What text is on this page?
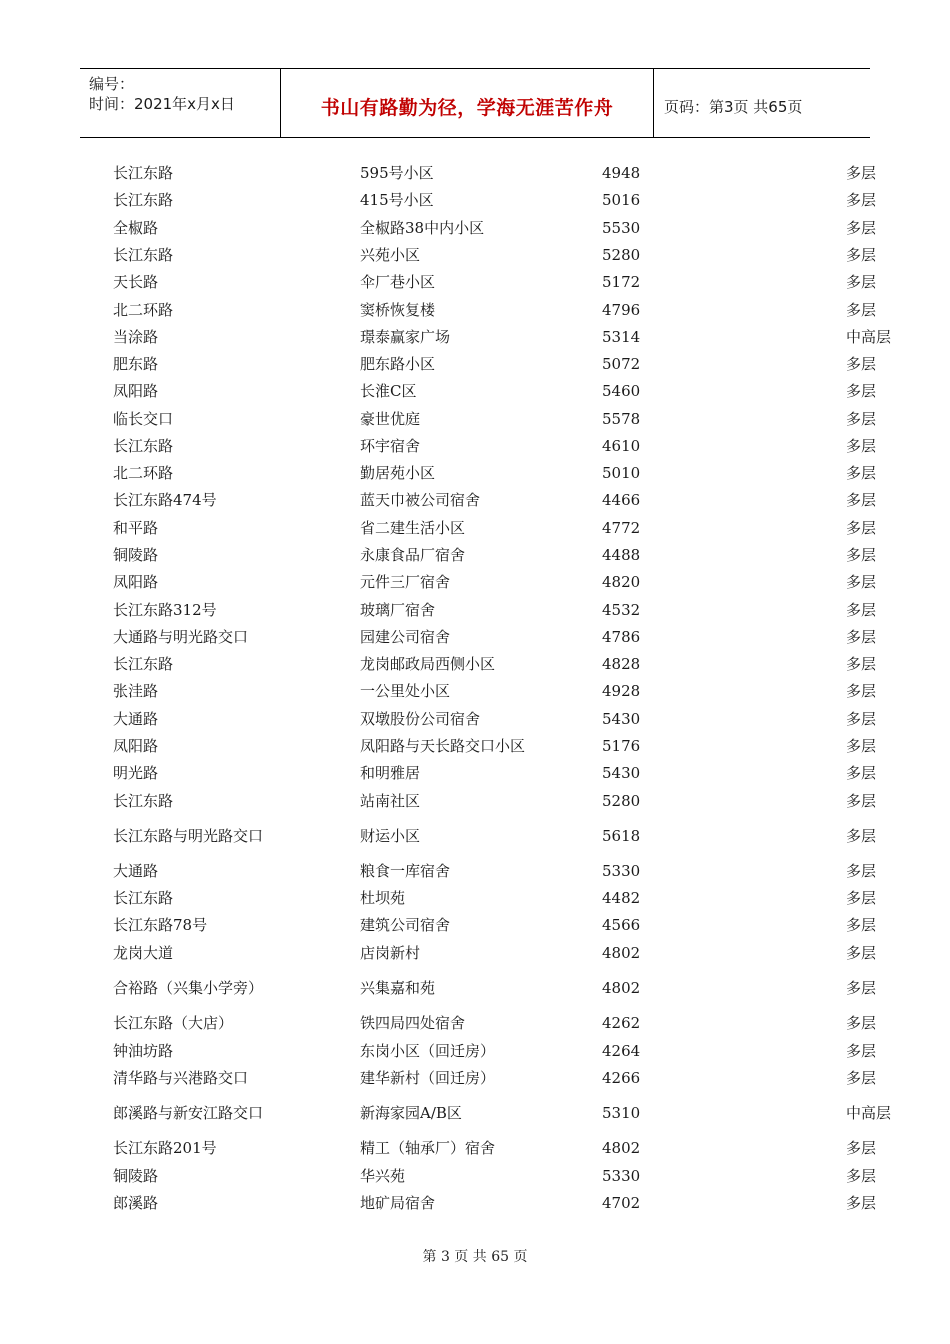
编号：
时间：2021年x月x日	书山有路勤为径，学海无涯苦作舟	页码：第3页 共65页
长江东路	595号小区	4948	多层
长江东路	415号小区	5016	多层
全椒路	全椒路38中内小区	5530	多层
长江东路	兴苑小区	5280	多层
天长路	伞厂巷小区	5172	多层
北二环路	窦桥恢复楼	4796	多层
当涂路	璟泰赢家广场	5314	中高层
肥东路	肥东路小区	5072	多层
凤阳路	长淮C区	5460	多层
临长交口	豪世优庭	5578	多层
长江东路	环宇宿舍	4610	多层
北二环路	勤居苑小区	5010	多层
长江东路474号	蓝天巾被公司宿舍	4466	多层
和平路	省二建生活小区	4772	多层
铜陵路	永康食品厂宿舍	4488	多层
凤阳路	元件三厂宿舍	4820	多层
长江东路312号	玻璃厂宿舍	4532	多层
大通路与明光路交口	园建公司宿舍	4786	多层
长江东路	龙岗邮政局西侧小区	4828	多层
张洼路	一公里处小区	4928	多层
大通路	双墩股份公司宿舍	5430	多层
凤阳路	凤阳路与天长路交口小区	5176	多层
明光路	和明雅居	5430	多层
长江东路	站南社区	5280	多层
长江东路与明光路交口	财运小区	5618	多层
大通路	粮食一库宿舍	5330	多层
长江东路	杜坝苑	4482	多层
长江东路78号	建筑公司宿舍	4566	多层
龙岗大道	店岗新村	4802	多层
合裕路（兴集小学旁）	兴集嘉和苑	4802	多层
长江东路（大店）	铁四局四处宿舍	4262	多层
钟油坊路	东岗小区（回迁房）	4264	多层
清华路与兴港路交口	建华新村（回迁房）	4266	多层
郎溪路与新安江路交口	新海家园A/B区	5310	中高层
长江东路201号	精工（轴承厂）宿舍	4802	多层
铜陵路	华兴苑	5330	多层
郎溪路	地矿局宿舍	4702	多层
第 3 页 共 65 页
